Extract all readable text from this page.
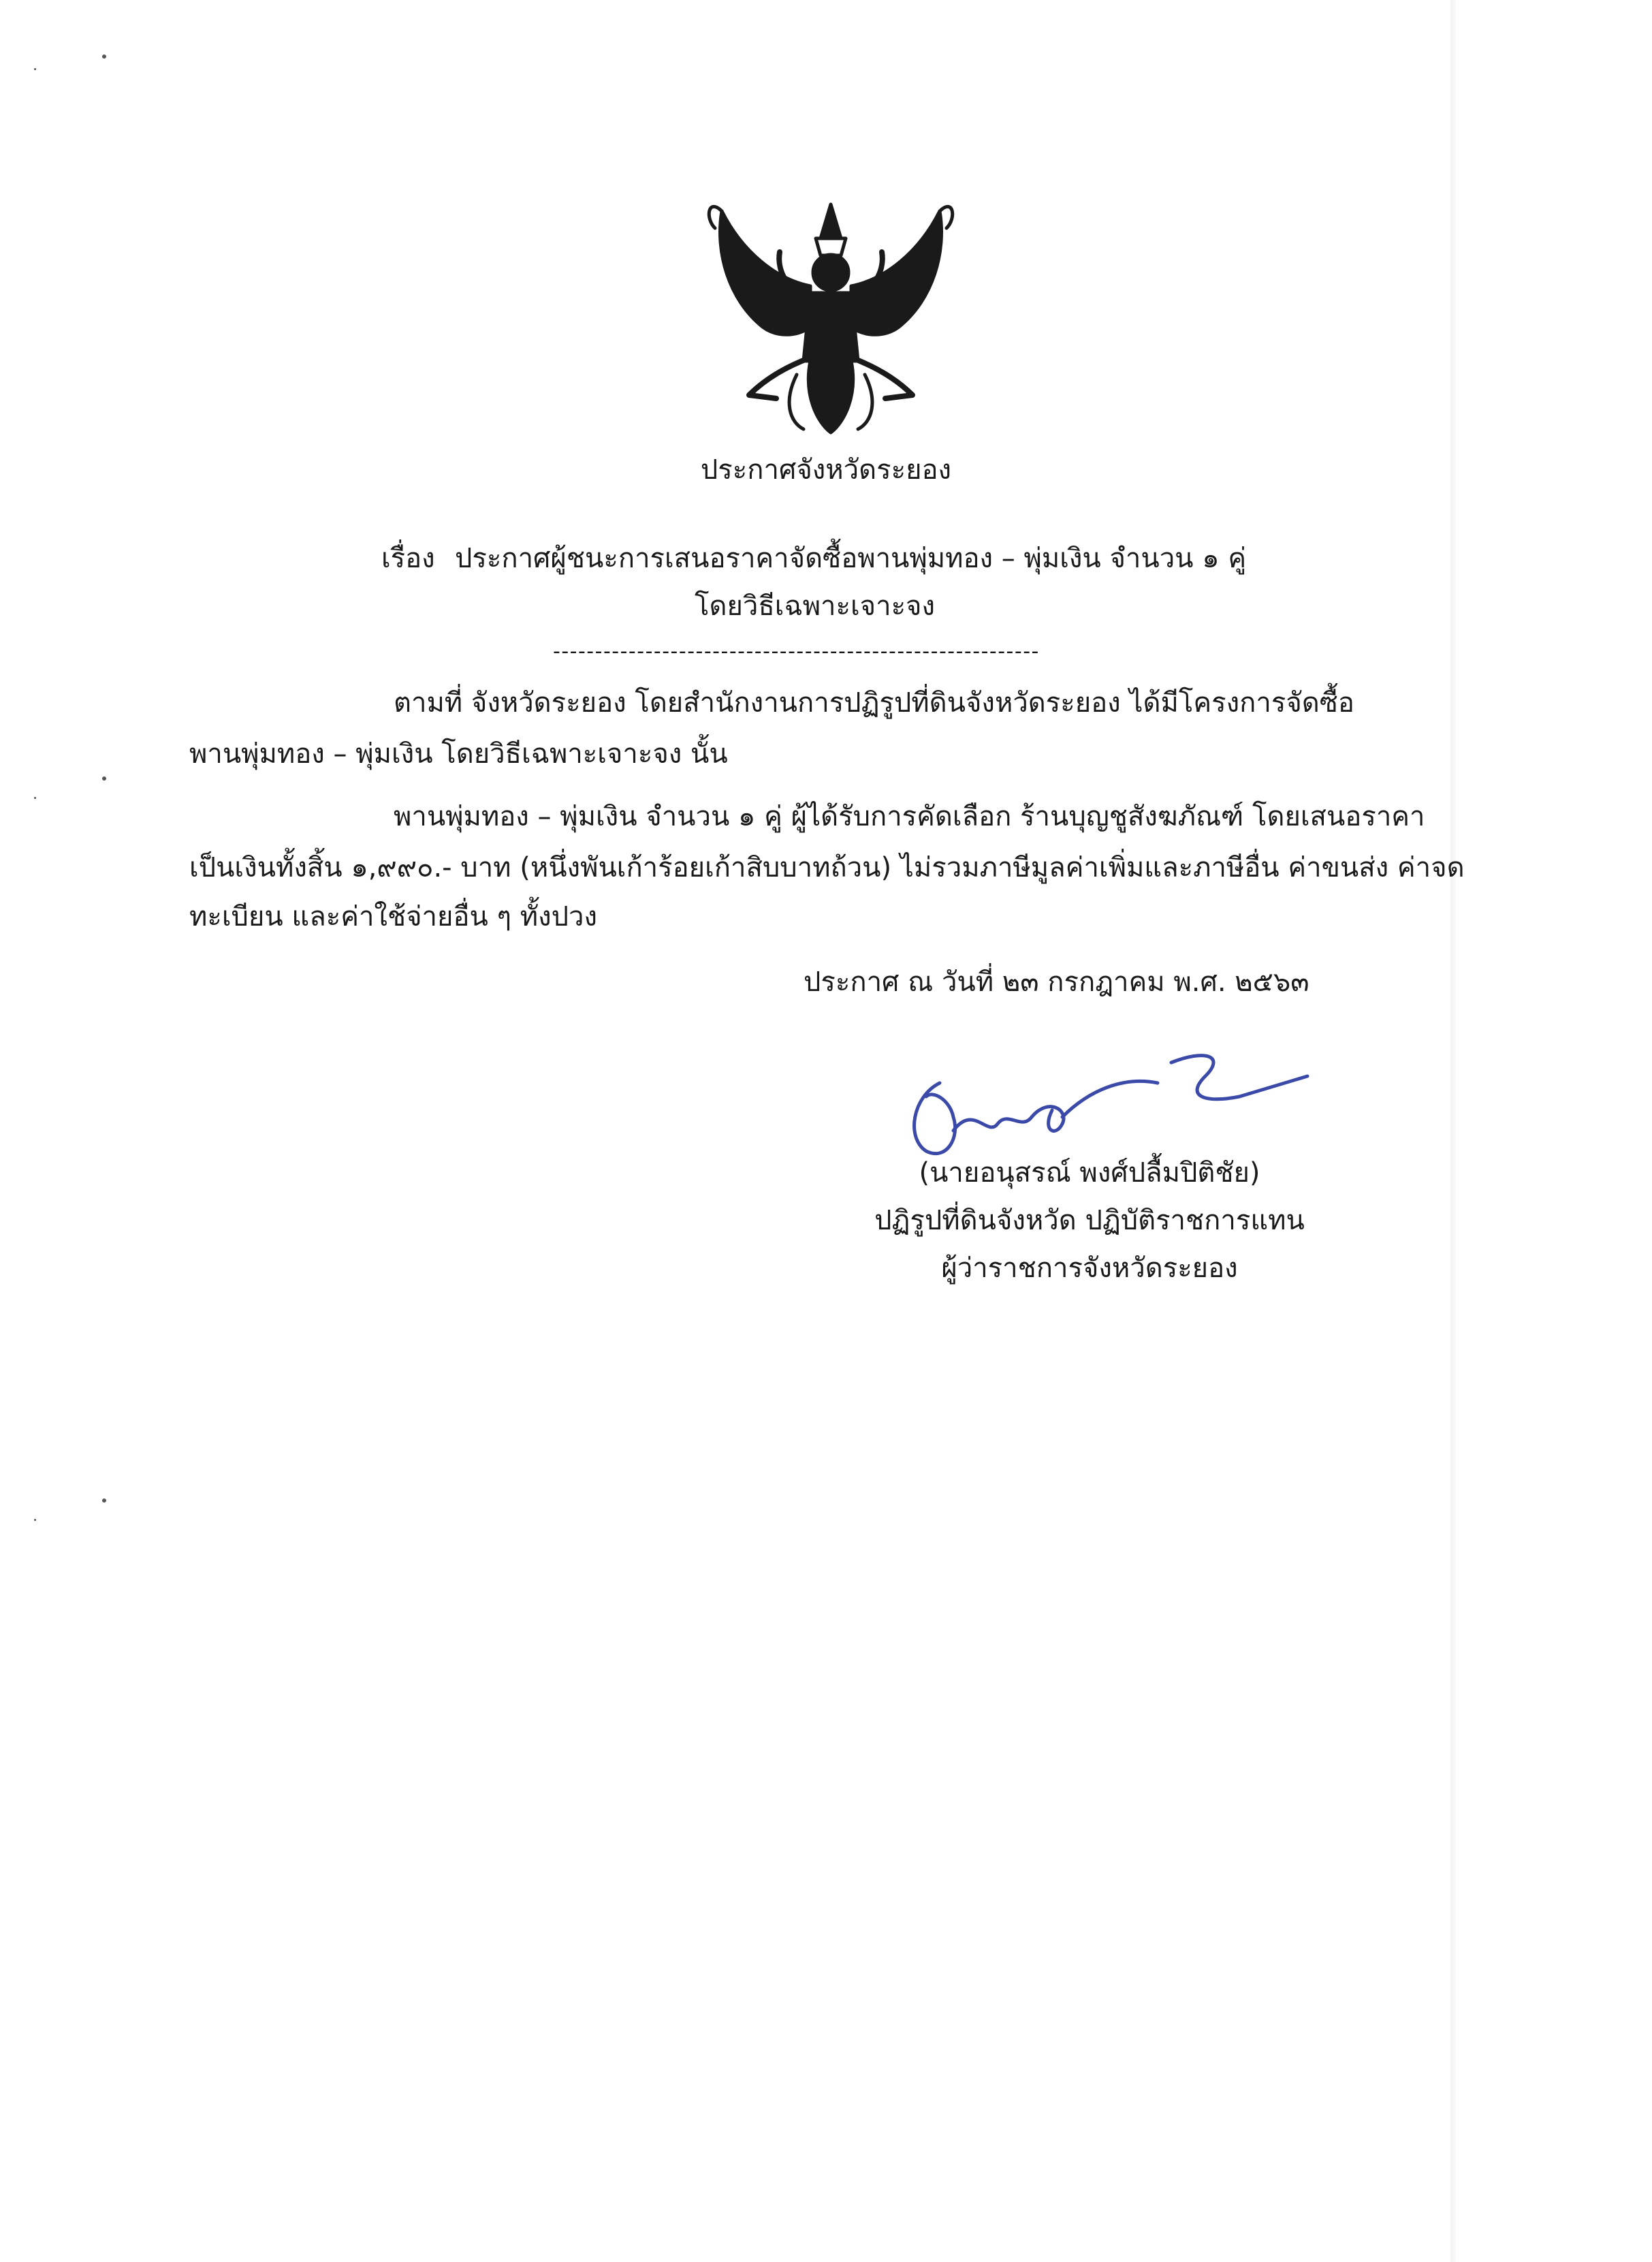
ประกาศจังหวัดระยอง
เรื่อง ประกาศผู้ชนะการเสนอราคาจัดซื้อพานพุ่มทอง – พุ่มเงิน จำนวน ๑ คู่
โดยวิธีเฉพาะเจาะจง
----------------------------------------------------------
ตามที่ จังหวัดระยอง โดยสำนักงานการปฏิรูปที่ดินจังหวัดระยอง ได้มีโครงการจัดซื้อ
พานพุ่มทอง – พุ่มเงิน โดยวิธีเฉพาะเจาะจง นั้น
พานพุ่มทอง – พุ่มเงิน จำนวน ๑ คู่ ผู้ได้รับการคัดเลือก ร้านบุญชูสังฆภัณฑ์ โดยเสนอราคา
เป็นเงินทั้งสิ้น ๑,๙๙๐.- บาท (หนึ่งพันเก้าร้อยเก้าสิบบาทถ้วน) ไม่รวมภาษีมูลค่าเพิ่มและภาษีอื่น ค่าขนส่ง ค่าจด
ทะเบียน และค่าใช้จ่ายอื่น ๆ ทั้งปวง
ประกาศ ณ วันที่ ๒๓ กรกฎาคม พ.ศ. ๒๕๖๓
(นายอนุสรณ์ พงศ์ปลื้มปิติชัย)
ปฏิรูปที่ดินจังหวัด ปฏิบัติราชการแทน
ผู้ว่าราชการจังหวัดระยอง
